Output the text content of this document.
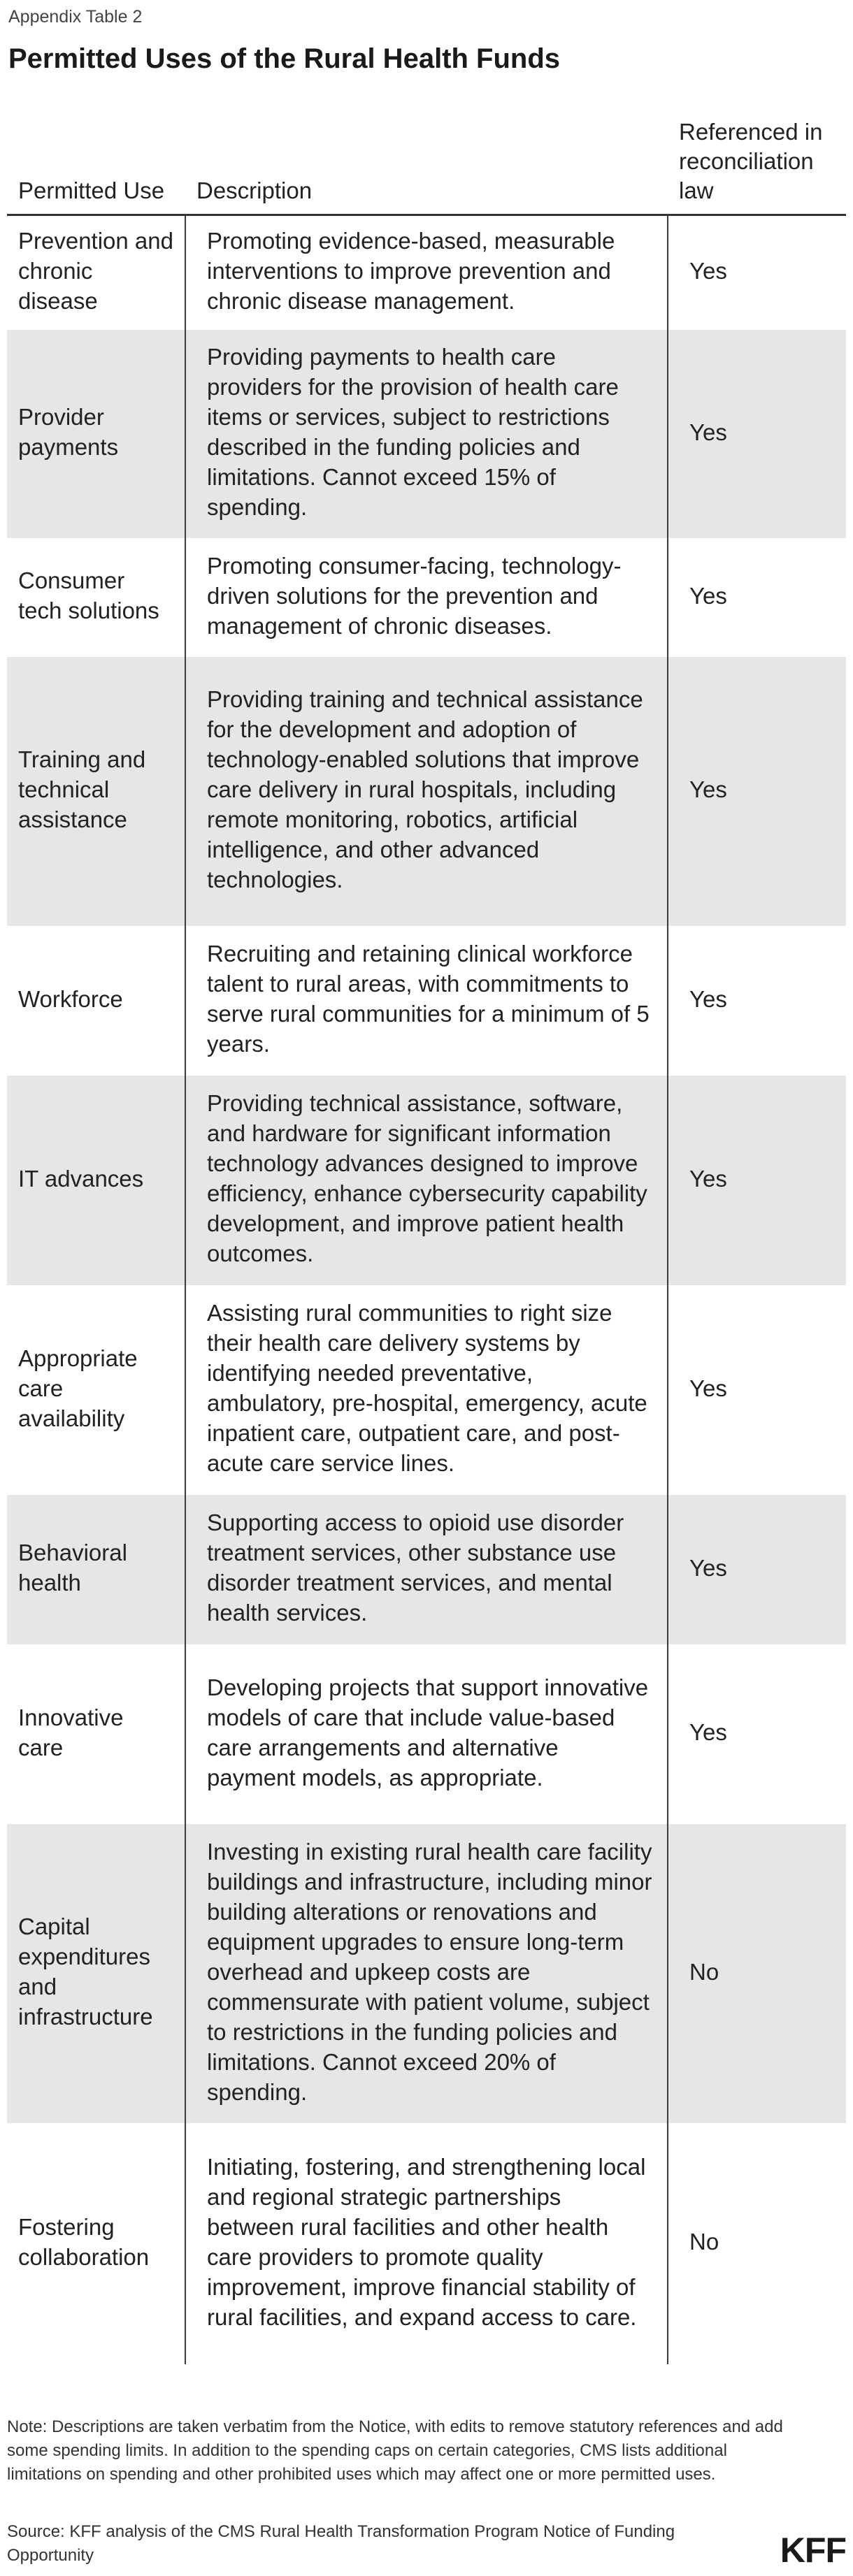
Appendix Table 2
Permitted Uses of the Rural Health Funds
Permitted Use	Description	Referenced in reconciliation law
Prevention and chronic disease	Promoting evidence-based, measurable interventions to improve prevention and chronic disease management.	Yes
Provider payments	Providing payments to health care providers for the provision of health care items or services, subject to restrictions described in the funding policies and limitations. Cannot exceed 15% of spending.	Yes
Consumer tech solutions	Promoting consumer-facing, technology-driven solutions for the prevention and management of chronic diseases.	Yes
Training and technical assistance	Providing training and technical assistance for the development and adoption of technology-enabled solutions that improve care delivery in rural hospitals, including remote monitoring, robotics, artificial intelligence, and other advanced technologies.	Yes
Workforce	Recruiting and retaining clinical workforce talent to rural areas, with commitments to serve rural communities for a minimum of 5 years.	Yes
IT advances	Providing technical assistance, software, and hardware for significant information technology advances designed to improve efficiency, enhance cybersecurity capability development, and improve patient health outcomes.	Yes
Appropriate care availability	Assisting rural communities to right size their health care delivery systems by identifying needed preventative, ambulatory, pre-hospital, emergency, acute inpatient care, outpatient care, and post-acute care service lines.	Yes
Behavioral health	Supporting access to opioid use disorder treatment services, other substance use disorder treatment services, and mental health services.	Yes
Innovative care	Developing projects that support innovative models of care that include value-based care arrangements and alternative payment models, as appropriate.	Yes
Capital expenditures and infrastructure	Investing in existing rural health care facility buildings and infrastructure, including minor building alterations or renovations and equipment upgrades to ensure long-term overhead and upkeep costs are commensurate with patient volume, subject to restrictions in the funding policies and limitations. Cannot exceed 20% of spending.	No
Fostering collaboration	Initiating, fostering, and strengthening local and regional strategic partnerships between rural facilities and other health care providers to promote quality improvement, improve financial stability of rural facilities, and expand access to care.	No
Note: Descriptions are taken verbatim from the Notice, with edits to remove statutory references and add some spending limits. In addition to the spending caps on certain categories, CMS lists additional limitations on spending and other prohibited uses which may affect one or more permitted uses.
Source: KFF analysis of the CMS Rural Health Transformation Program Notice of Funding Opportunity	KFF
